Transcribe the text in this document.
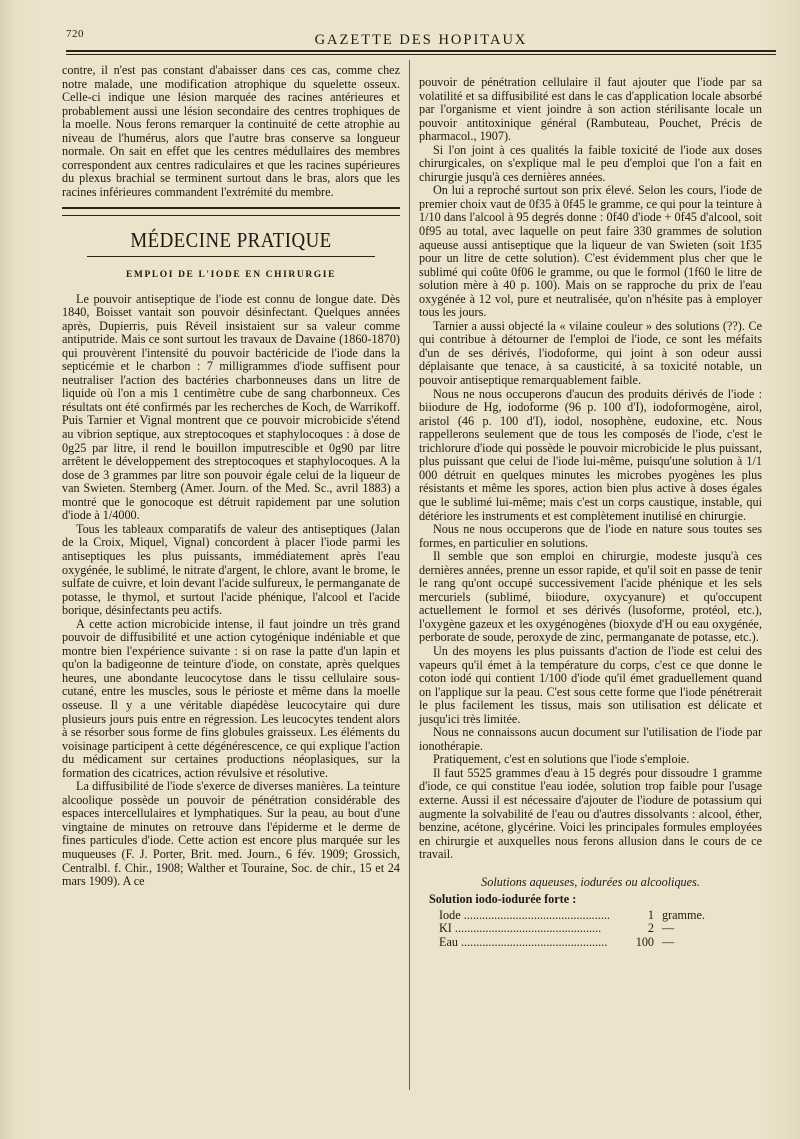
720	GAZETTE DES HOPITAUX

contre, il n'est pas constant d'abaisser dans ces cas, comme chez notre malade, une modification atrophique du squelette osseux. Celle-ci indique une lésion marquée des racines antérieures et probablement aussi une lésion secondaire des centres trophiques de la moelle. Nous ferons remarquer la continuité de cette atrophie au niveau de l'humérus, alors que l'autre bras conserve sa longueur normale. On sait en effet que les centres médullaires des membres correspondent aux centres radiculaires et que les racines supérieures du plexus brachial se terminent surtout dans le bras, alors que les racines inférieures commandent l'extrémité du membre.

MÉDECINE PRATIQUE
EMPLOI DE L'IODE EN CHIRURGIE

Le pouvoir antiseptique de l'iode est connu de longue date. Dès 1840, Boisset vantait son pouvoir désinfectant. Quelques années après, Dupierris, puis Réveil insistaient sur sa valeur comme antiputride. Mais ce sont surtout les travaux de Davaine (1860-1870) qui prouvèrent l'intensité du pouvoir bactéricide de l'iode dans la septicémie et le charbon : 7 milligrammes d'iode suffisent pour neutraliser l'action des bactéries charbonneuses dans un litre de liquide où l'on a mis 1 centimètre cube de sang charbonneux. Ces résultats ont été confirmés par les recherches de Koch, de Warrikoff. Puis Tarnier et Vignal montrent que ce pouvoir microbicide s'étend au vibrion septique, aux streptocoques et staphylocoques : à dose de 0g25 par litre, il rend le bouillon imputrescible et 0g90 par litre arrêtent le développement des streptocoques et staphylocoques. A la dose de 3 grammes par litre son pouvoir égale celui de la liqueur de van Swieten. Sternberg (Amer. Journ. of the Med. Sc., avril 1883) a montré que le gonocoque est détruit rapidement par une solution d'iode à 1/4000.

Tous les tableaux comparatifs de valeur des antiseptiques (Jalan de la Croix, Miquel, Vignal) concordent à placer l'iode parmi les antiseptiques les plus puissants, immédiatement après l'eau oxygénée, le sublimé, le nitrate d'argent, le chlore, avant le brome, le sulfate de cuivre, et loin devant l'acide sulfureux, le permanganate de potasse, le thymol, et surtout l'acide phénique, l'alcool et l'acide borique, désinfectants peu actifs.

A cette action microbicide intense, il faut joindre un très grand pouvoir de diffusibilité et une action cytogénique indéniable et que montre bien l'expérience suivante : si on rase la patte d'un lapin et qu'on la badigeonne de teinture d'iode, on constate, après quelques heures, une abondante leucocytose dans le tissu cellulaire sous-cutané, entre les muscles, sous le périoste et même dans la moelle osseuse. Il y a une véritable diapédèse leucocytaire qui dure plusieurs jours puis entre en régression. Les leucocytes tendent alors à se résorber sous forme de fins globules graisseux. Les éléments du voisinage participent à cette dégénérescence, ce qui explique l'action du médicament sur certaines productions néoplasiques, sur la formation des cicatrices, action révulsive et résolutive.

La diffusibilité de l'iode s'exerce de diverses manières. La teinture alcoolique possède un pouvoir de pénétration considérable des espaces intercellulaires et lymphatiques. Sur la peau, au bout d'une vingtaine de minutes on retrouve dans l'épiderme et le derme de fines particules d'iode. Cette action est encore plus marquée sur les muqueuses (F. J. Porter, Brit. med. Journ., 6 fév. 1909; Grossich, Centralbl. f. Chir., 1908; Walther et Touraine, Soc. de chir., 15 et 24 mars 1909). A ce

pouvoir de pénétration cellulaire il faut ajouter que l'iode par sa volatilité et sa diffusibilité est dans le cas d'application locale absorbé par l'organisme et vient joindre à son action stérilisante locale un pouvoir antitoxinique général (Rambuteau, Pouchet, Précis de pharmacol., 1907).

Si l'on joint à ces qualités la faible toxicité de l'iode aux doses chirurgicales, on s'explique mal le peu d'emploi que l'on a fait en chirurgie jusqu'à ces dernières années.

On lui a reproché surtout son prix élevé. Selon les cours, l'iode de premier choix vaut de 0f35 à 0f45 le gramme, ce qui pour la teinture à 1/10 dans l'alcool à 95 degrés donne : 0f40 d'iode + 0f45 d'alcool, soit 0f95 au total, avec laquelle on peut faire 330 grammes de solution aqueuse aussi antiseptique que la liqueur de van Swieten (soit 1f35 pour un litre de cette solution). C'est évidemment plus cher que le sublimé qui coûte 0f06 le gramme, ou que le formol (1f60 le litre de solution mère à 40 p. 100). Mais on se rapproche du prix de l'eau oxygénée à 12 vol, pure et neutralisée, qu'on n'hésite pas à employer tous les jours.

Tarnier a aussi objecté la « vilaine couleur » des solutions (??). Ce qui contribue à détourner de l'emploi de l'iode, ce sont les méfaits d'un de ses dérivés, l'iodoforme, qui joint à son odeur aussi déplaisante que tenace, à sa causticité, à sa toxicité notable, un pouvoir antiseptique remarquablement faible.

Nous ne nous occuperons d'aucun des produits dérivés de l'iode : biiodure de Hg, iodoforme (96 p. 100 d'I), iodoformogène, airol, aristol (46 p. 100 d'I), iodol, nosophène, eudoxine, etc. Nous rappellerons seulement que de tous les composés de l'iode, c'est le trichlorure d'iode qui possède le pouvoir microbicide le plus puissant, plus puissant que celui de l'iode lui-même, puisqu'une solution à 1/1 000 détruit en quelques minutes les microbes pyogènes les plus résistants et même les spores, action bien plus active à doses égales que le sublimé lui-même; mais c'est un corps caustique, instable, qui détériore les instruments et est complètement inutilisé en chirurgie.

Nous ne nous occuperons que de l'iode en nature sous toutes ses formes, en particulier en solutions.

Il semble que son emploi en chirurgie, modeste jusqu'à ces dernières années, prenne un essor rapide, et qu'il soit en passe de tenir le rang qu'ont occupé successivement l'acide phénique et les sels mercuriels (sublimé, biiodure, oxycyanure) et qu'occupent actuellement le formol et ses dérivés (lusoforme, protéol, etc.), l'oxygène gazeux et les oxygénogènes (bioxyde d'H ou eau oxygénée, perborate de soude, peroxyde de zinc, permanganate de potasse, etc.).

Un des moyens les plus puissants d'action de l'iode est celui des vapeurs qu'il émet à la température du corps, c'est ce que donne le coton iodé qui contient 1/100 d'iode qu'il émet graduellement quand on l'applique sur la peau. C'est sous cette forme que l'iode pénétrerait le plus facilement les tissus, mais son utilisation est délicate et jusqu'ici très limitée.

Nous ne connaissons aucun document sur l'utilisation de l'iode par ionothérapie.

Pratiquement, c'est en solutions que l'iode s'emploie.

Il faut 5525 grammes d'eau à 15 degrés pour dissoudre 1 gramme d'iode, ce qui constitue l'eau iodée, solution trop faible pour l'usage externe. Aussi il est nécessaire d'ajouter de l'iodure de potassium qui augmente la solvabilité de l'eau ou d'autres dissolvants : alcool, éther, benzine, acétone, glycérine. Voici les principales formules employées en chirurgie et auxquelles nous ferons allusion dans le cours de ce travail.

Solutions aqueuses, iodurées ou alcooliques.
Solution iodo-iodurée forte :
Iode .....	1 gramme.
KI .....	2 —
Eau .....	100 —
